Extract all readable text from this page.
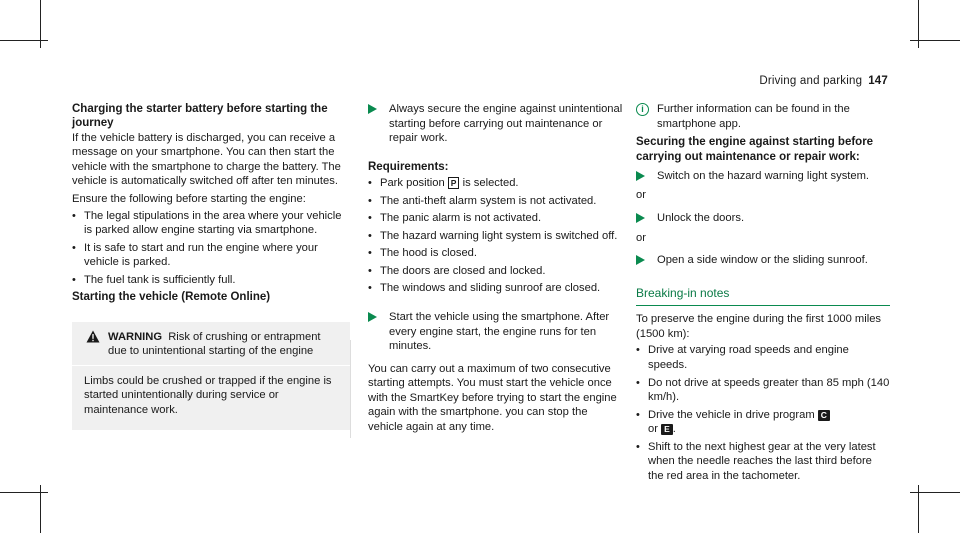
Driving and parking 147
Charging the starter battery before starting the journey

If the vehicle battery is discharged, you can receive a message on your smartphone. You can then start the vehicle with the smartphone to charge the battery. The vehicle is automatically switched off after ten minutes.

Ensure the following before starting the engine:

• The legal stipulations in the area where your vehicle is parked allow engine starting via smartphone.
• It is safe to start and run the engine where your vehicle is parked.
• The fuel tank is sufficiently full.
Starting the vehicle (Remote Online)
WARNING Risk of crushing or entrapment due to unintentional starting of the engine

Limbs could be crushed or trapped if the engine is started unintentionally during service or maintenance work.

Always secure the engine against unintentional starting before carrying out maintenance or repair work.
Requirements:
• Park position P is selected.
• The anti-theft alarm system is not activated.
• The panic alarm is not activated.
• The hazard warning light system is switched off.
• The hood is closed.
• The doors are closed and locked.
• The windows and sliding sunroof are closed.
Start the vehicle using the smartphone. After every engine start, the engine runs for ten minutes.

You can carry out a maximum of two consecutive starting attempts. You must start the vehicle once with the SmartKey before trying to start the engine again with the smartphone. you can stop the vehicle again at any time.

i	Further information can be found in the smartphone app.
Securing the engine against starting before carrying out maintenance or repair work:
Switch on the hazard warning light system.

or

Unlock the doors.

or

Open a side window or the sliding sunroof.
Breaking-in notes

To preserve the engine during the first 1000 miles (1500 km):

• Drive at varying road speeds and engine speeds.
• Do not drive at speeds greater than 85 mph (140 km/h).
• Drive the vehicle in drive program C
or E .
• Shift to the next highest gear at the very latest when the needle reaches the last third before the red area in the tachometer.
